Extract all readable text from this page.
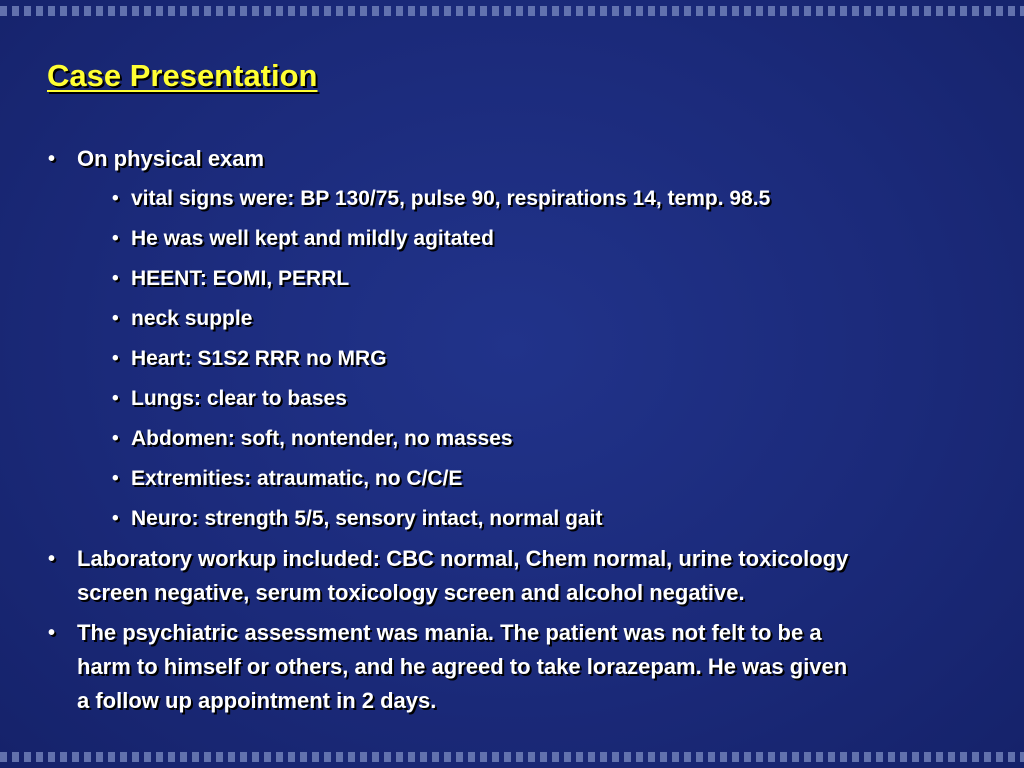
Case Presentation
• On physical exam
• vital signs were: BP 130/75, pulse 90, respirations 14, temp. 98.5
• He was well kept and mildly agitated
• HEENT: EOMI, PERRL
• neck supple
• Heart: S1S2 RRR no MRG
• Lungs: clear to bases
• Abdomen: soft, nontender, no masses
• Extremities: atraumatic, no C/C/E
• Neuro: strength 5/5, sensory intact, normal gait
• Laboratory workup included: CBC normal, Chem normal, urine toxicology
screen negative, serum toxicology screen and alcohol negative.
• The psychiatric assessment was mania. The patient was not felt to be a
harm to himself or others, and he agreed to take lorazepam. He was given
a follow up appointment in 2 days.
